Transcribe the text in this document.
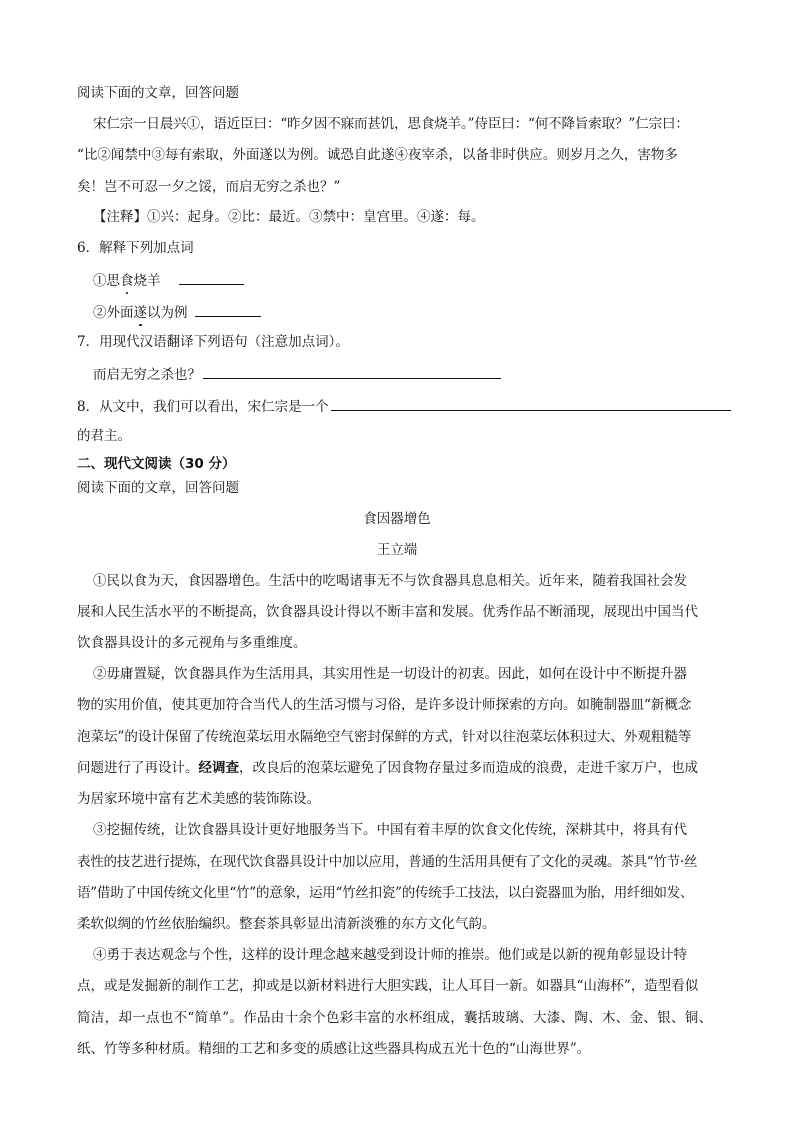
阅读下面的文章，回答问题
宋仁宗一日晨兴①，语近臣曰：“昨夕因不寐而甚饥，思食烧羊。”侍臣曰：“何不降旨索取？”仁宗曰：
“比②闻禁中③每有索取，外面遂以为例。诚恐自此遂④夜宰杀，以备非时供应。则岁月之久，害物多
矣！岂不可忍一夕之馁，而启无穷之杀也？”
【注释】①兴：起身。②比：最近。③禁中：皇宫里。④遂：每。
6．解释下列加点词
①思食烧羊
②外面遂以为例
7．用现代汉语翻译下列语句（注意加点词）。
而启无穷之杀也？
8．从文中，我们可以看出，宋仁宗是一个
的君主。
二、现代文阅读（30 分）
阅读下面的文章，回答问题
食因器增色
王立端
①民以食为天，食因器增色。生活中的吃喝诸事无不与饮食器具息息相关。近年来，随着我国社会发
展和人民生活水平的不断提高，饮食器具设计得以不断丰富和发展。优秀作品不断涌现，展现出中国当代
饮食器具设计的多元视角与多重维度。
②毋庸置疑，饮食器具作为生活用具，其实用性是一切设计的初衷。因此，如何在设计中不断提升器
物的实用价值，使其更加符合当代人的生活习惯与习俗，是许多设计师探索的方向。如腌制器皿“新概念
泡菜坛”的设计保留了传统泡菜坛用水隔绝空气密封保鲜的方式，针对以往泡菜坛体积过大、外观粗糙等
问题进行了再设计。经调查，改良后的泡菜坛避免了因食物存量过多而造成的浪费，走进千家万户，也成
为居家环境中富有艺术美感的装饰陈设。
③挖掘传统，让饮食器具设计更好地服务当下。中国有着丰厚的饮食文化传统，深耕其中，将具有代
表性的技艺进行提炼，在现代饮食器具设计中加以应用，普通的生活用具便有了文化的灵魂。茶具“竹节·丝
语”借助了中国传统文化里“竹”的意象，运用“竹丝扣瓷”的传统手工技法，以白瓷器皿为胎，用纤细如发、
柔软似绸的竹丝依胎编织。整套茶具彰显出清新淡雅的东方文化气韵。
④勇于表达观念与个性，这样的设计理念越来越受到设计师的推崇。他们或是以新的视角彰显设计特
点，或是发掘新的制作工艺，抑或是以新材料进行大胆实践，让人耳目一新。如器具“山海杯”，造型看似
简洁，却一点也不“简单”。作品由十余个色彩丰富的水杯组成，囊括玻璃、大漆、陶、木、金、银、铜、
纸、竹等多种材质。精细的工艺和多变的质感让这些器具构成五光十色的“山海世界”。
